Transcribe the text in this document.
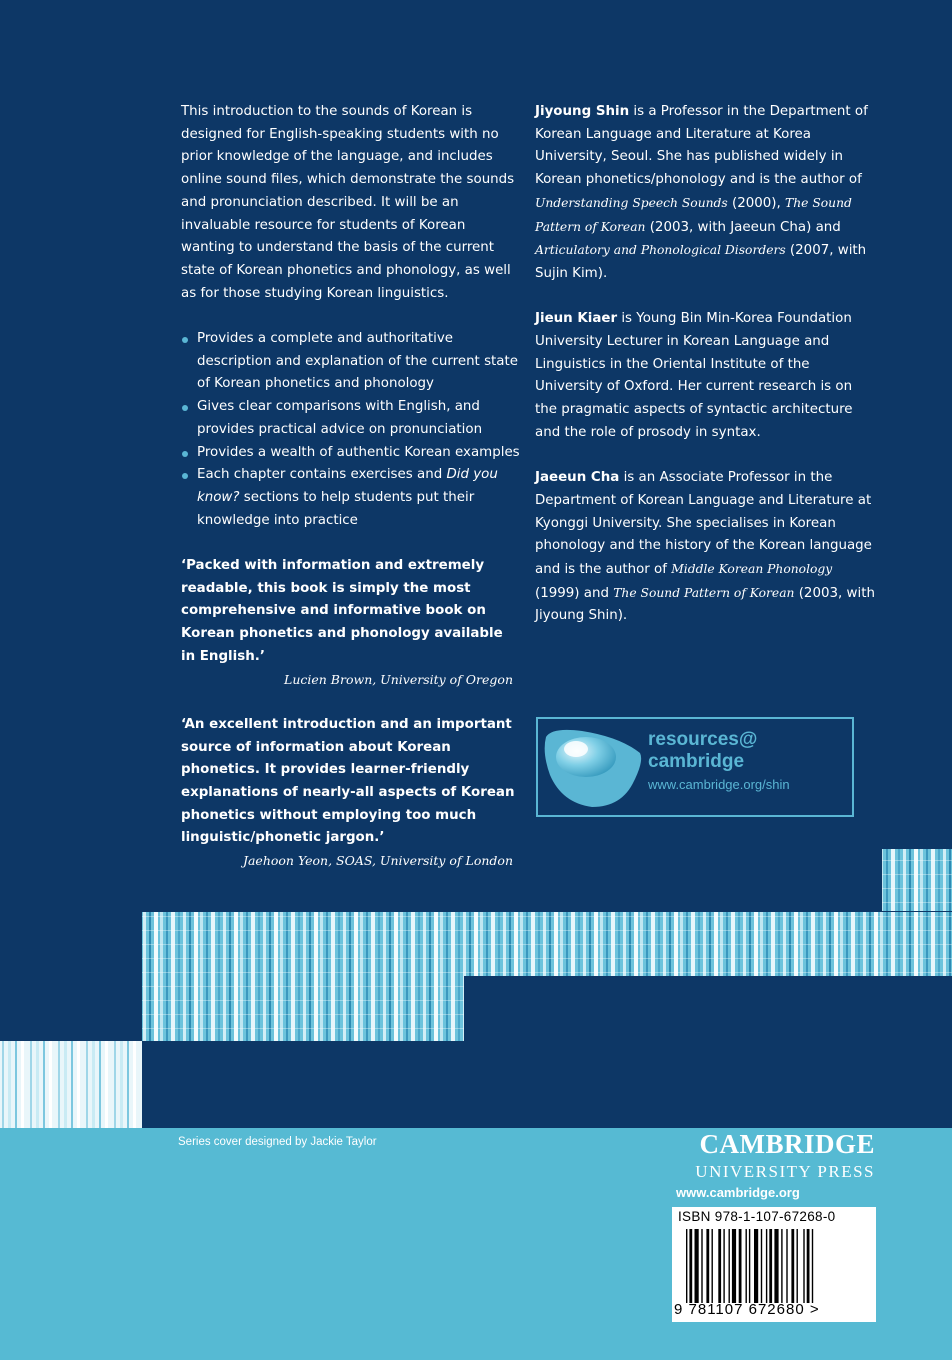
This introduction to the sounds of Korean is designed for English-speaking students with no prior knowledge of the language, and includes online sound files, which demonstrate the sounds and pronunciation described. It will be an invaluable resource for students of Korean wanting to understand the basis of the current state of Korean phonetics and phonology, as well as for those studying Korean linguistics.

Provides a complete and authoritative description and explanation of the current state of Korean phonetics and phonology
Gives clear comparisons with English, and provides practical advice on pronunciation
Provides a wealth of authentic Korean examples
Each chapter contains exercises and Did you know? sections to help students put their knowledge into practice

‘Packed with information and extremely readable, this book is simply the most comprehensive and informative book on Korean phonetics and phonology available in English.’

Lucien Brown, University of Oregon

‘An excellent introduction and an important source of information about Korean phonetics. It provides learner-friendly explanations of nearly-all aspects of Korean phonetics without employing too much linguistic/phonetic jargon.’

Jaehoon Yeon, SOAS, University of London

Jiyoung Shin is a Professor in the Department of Korean Language and Literature at Korea University, Seoul. She has published widely in Korean phonetics/phonology and is the author of Understanding Speech Sounds (2000), The Sound Pattern of Korean (2003, with Jaeeun Cha) and Articulatory and Phonological Disorders (2007, with Sujin Kim).

Jieun Kiaer is Young Bin Min-Korea Foundation University Lecturer in Korean Language and Linguistics in the Oriental Institute of the University of Oxford. Her current research is on the pragmatic aspects of syntactic architecture and the role of prosody in syntax.

Jaeeun Cha is an Associate Professor in the Department of Korean Language and Literature at Kyonggi University. She specialises in Korean phonology and the history of the Korean language and is the author of Middle Korean Phonology (1999) and The Sound Pattern of Korean (2003, with Jiyoung Shin).

resources@
cambridge
www.cambridge.org/shin
Series cover designed by Jackie Taylor	CAMBRIDGE
UNIVERSITY PRESS
www.cambridge.org
ISBN 978-1-107-67268-0
9 781107 672680 >
